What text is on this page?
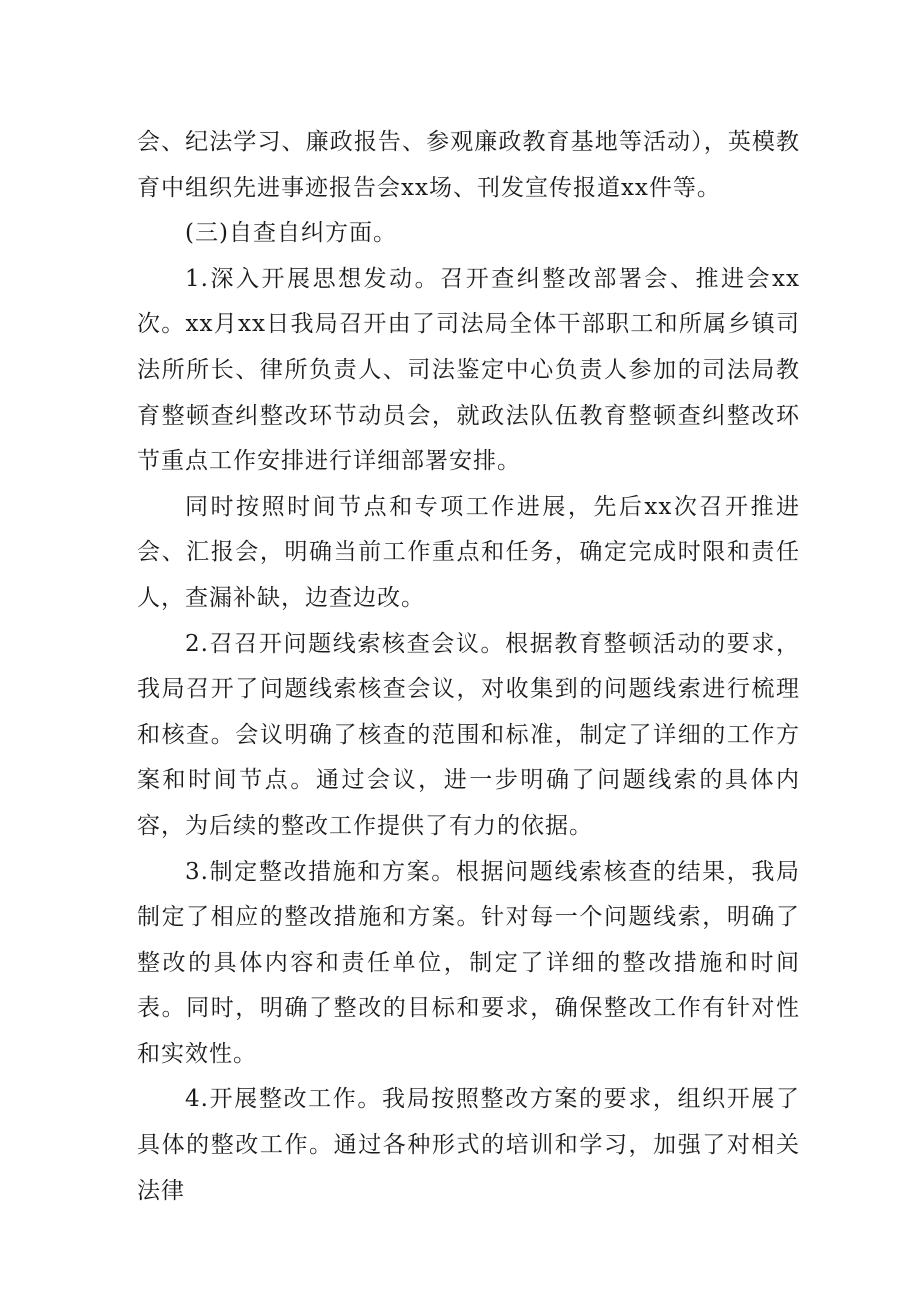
会、纪法学习、廉政报告、参观廉政教育基地等活动），英模教育中组织先进事迹报告会xx场、刊发宣传报道xx件等。

(三)自查自纠方面。

1.深入开展思想发动。召开查纠整改部署会、推进会xx次。xx月xx日我局召开由了司法局全体干部职工和所属乡镇司法所所长、律所负责人、司法鉴定中心负责人参加的司法局教育整顿查纠整改环节动员会，就政法队伍教育整顿查纠整改环节重点工作安排进行详细部署安排。

同时按照时间节点和专项工作进展，先后xx次召开推进会、汇报会，明确当前工作重点和任务，确定完成时限和责任人，查漏补缺，边查边改。

2.召召开问题线索核查会议。根据教育整顿活动的要求，我局召开了问题线索核查会议，对收集到的问题线索进行梳理和核查。会议明确了核查的范围和标准，制定了详细的工作方案和时间节点。通过会议，进一步明确了问题线索的具体内容，为后续的整改工作提供了有力的依据。

3.制定整改措施和方案。根据问题线索核查的结果，我局制定了相应的整改措施和方案。针对每一个问题线索，明确了整改的具体内容和责任单位，制定了详细的整改措施和时间表。同时，明确了整改的目标和要求，确保整改工作有针对性和实效性。

4.开展整改工作。我局按照整改方案的要求，组织开展了具体的整改工作。通过各种形式的培训和学习，加强了对相关法律
